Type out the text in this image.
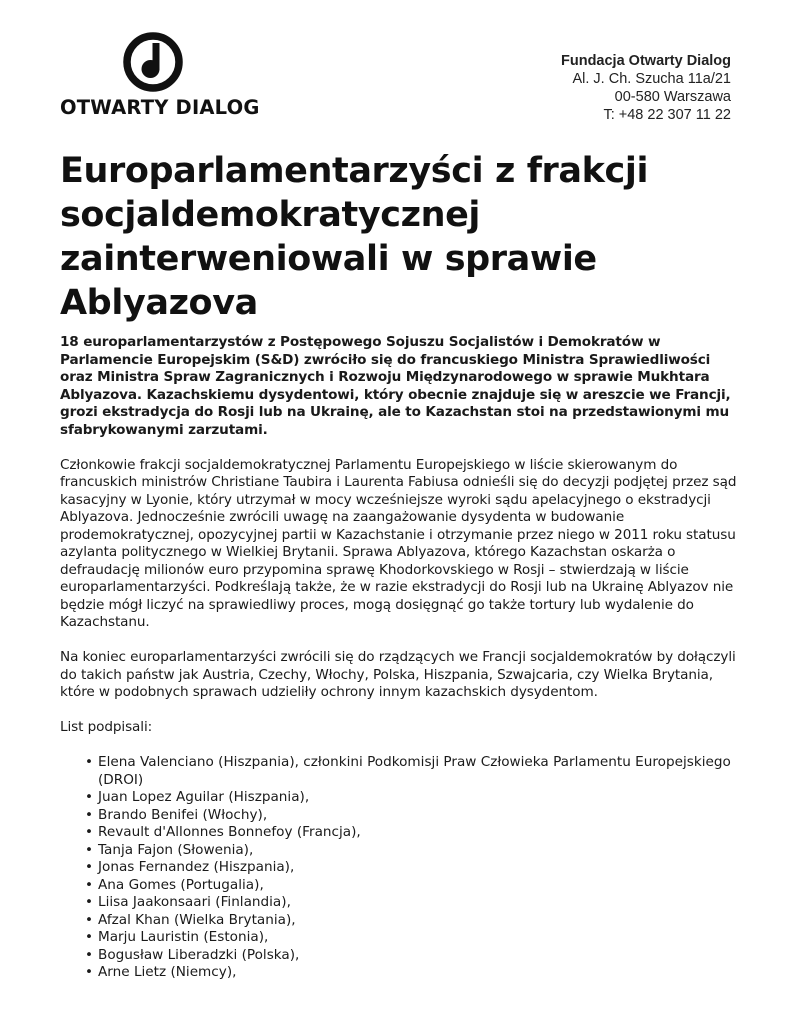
OTWARTY DIALOG
Fundacja Otwarty Dialog
Al. J. Ch. Szucha 11a/21
00-580 Warszawa
T: +48 22 307 11 22
Europarlamentarzyści z frakcji socjaldemokratycznej zainterweniowali w sprawie Ablyazova

18 europarlamentarzystów z Postępowego Sojuszu Socjalistów i Demokratów w Parlamencie Europejskim (S&D) zwróciło się do francuskiego Ministra Sprawiedliwości oraz Ministra Spraw Zagranicznych i Rozwoju Międzynarodowego w sprawie Mukhtara Ablyazova. Kazachskiemu dysydentowi, który obecnie znajduje się w areszcie we Francji, grozi ekstradycja do Rosji lub na Ukrainę, ale to Kazachstan stoi na przedstawionymi mu sfabrykowanymi zarzutami.

Członkowie frakcji socjaldemokratycznej Parlamentu Europejskiego w liście skierowanym do francuskich ministrów Christiane Taubira i Laurenta Fabiusa odnieśli się do decyzji podjętej przez sąd kasacyjny w Lyonie, który utrzymał w mocy wcześniejsze wyroki sądu apelacyjnego o ekstradycji Ablyazova. Jednocześnie zwrócili uwagę na zaangażowanie dysydenta w budowanie prodemokratycznej, opozycyjnej partii w Kazachstanie i otrzymanie przez niego w 2011 roku statusu azylanta politycznego w Wielkiej Brytanii. Sprawa Ablyazova, którego Kazachstan oskarża o defraudację milionów euro przypomina sprawę Khodorkovskiego w Rosji – stwierdzają w liście europarlamentarzyści. Podkreślają także, że w razie ekstradycji do Rosji lub na Ukrainę Ablyazov nie będzie mógł liczyć na sprawiedliwy proces, mogą dosięgnąć go także tortury lub wydalenie do Kazachstanu.

Na koniec europarlamentarzyści zwrócili się do rządzących we Francji socjaldemokratów by dołączyli do takich państw jak Austria, Czechy, Włochy, Polska, Hiszpania, Szwajcaria, czy Wielka Brytania, które w podobnych sprawach udzieliły ochrony innym kazachskich dysydentom.

List podpisali:

• Elena Valenciano (Hiszpania), członkini Podkomisji Praw Człowieka Parlamentu Europejskiego (DROI)
• Juan Lopez Aguilar (Hiszpania),
• Brando Benifei (Włochy),
• Revault d'Allonnes Bonnefoy (Francja),
• Tanja Fajon (Słowenia),
• Jonas Fernandez (Hiszpania),
• Ana Gomes (Portugalia),
• Liisa Jaakonsaari (Finlandia),
• Afzal Khan (Wielka Brytania),
• Marju Lauristin (Estonia),
• Bogusław Liberadzki (Polska),
• Arne Lietz (Niemcy),
